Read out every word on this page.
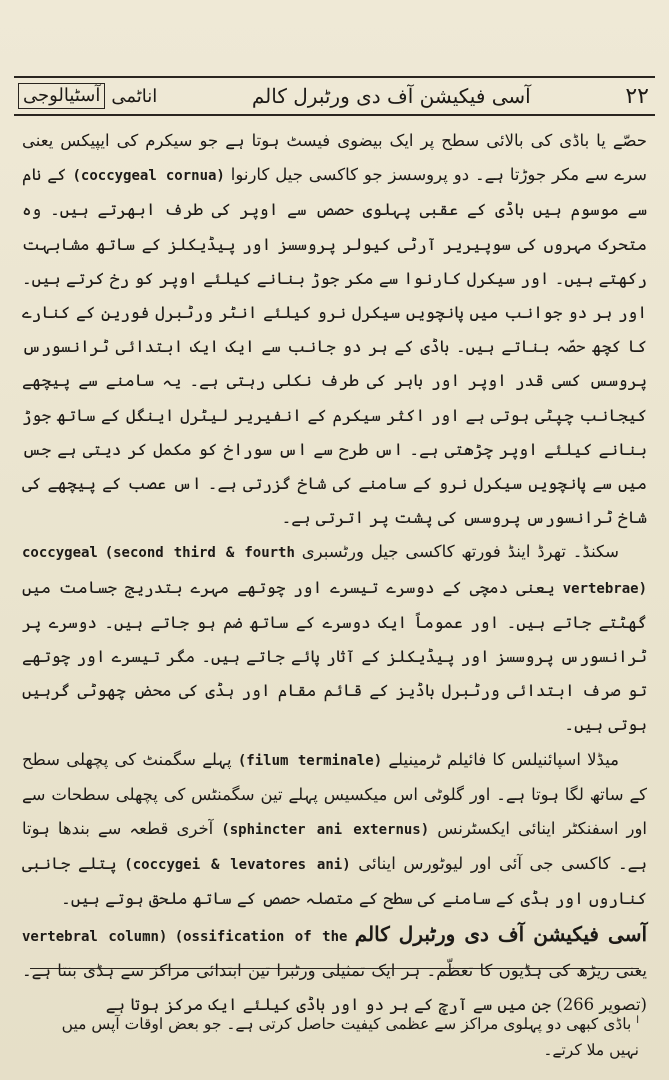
اناٹمی
آسٹیالوجی	آسی فیکیشن آف دی ورٹبرل کالم	۲۲

حصّے یا باڈی کی بالائی سطح پر ایک بیضوی فیسٹ ہوتا ہے جو سیکرم کی ایپیکس یعنی سرے سے مکر جوڑتا ہے۔ دو پروسسز جو کاکسی جیل کارنوا (coccygeal cornua) کے نام سے موسوم ہیں باڈی کے عقبی پہلوی حصص سے اوپر کی طرف ابھرتے ہیں۔ وہ متحرک مہروں کی سوپیریر آرٹی کیولر پروسسز اور پیڈیکلز کے ساتھ مشابہت رکھتے ہیں۔ اور سیکرل کارنوا سے مکر جوڑ بنانے کیلئے اوپر کو رخ کرتے ہیں۔ اور ہر دو جوانب میں پانچویں سیکرل نرو کیلئے انٹر ورٹبرل فورین کے کنارے کا کچھ حصّہ بناتے ہیں۔ باڈی کے ہر دو جانب سے ایک ایک ابتدائی ٹرانسورس پروسس کسی قدر اوپر اور باہر کی طرف نکلی رہتی ہے۔ یہ سامنے سے پیچھے کیجانب چپٹی ہوتی ہے اور اکثر سیکرم کے انفیریر لیٹرل اینگل کے ساتھ جوڑ بنانے کیلئے اوپر چڑھتی ہے۔ اس طرح سے اس سوراخ کو مکمل کر دیتی ہے جس میں سے پانچویں سیکرل نرو کے سامنے کی شاخ گزرتی ہے۔ اس عصب کے پیچھے کی شاخ ٹرانسورس پروسس کی پشت پر اترتی ہے۔

سکنڈ۔ تھرڈ اینڈ فورتھ کاکسی جیل ورٹسبری (second third & fourth coccygeal vertebrae) یعنی دمچی کے دوسرے تیسرے اور چوتھے مہرے بتدریج جسامت میں گھٹتے جاتے ہیں۔ اور عموماً ایک دوسرے کے ساتھ ضم ہو جاتے ہیں۔ دوسرے پر ٹرانسورس پروسسز اور پیڈیکلز کے آثار پائے جاتے ہیں۔ مگر تیسرے اور چوتھے تو صرف ابتدائی ورٹبرل باڈیز کے قائم مقام اور ہڈی کی محض چھوٹی گرہیں ہوتی ہیں۔

میڈلا اسپائنیلس کا فائیلم ٹرمینیلے (filum terminale) پہلے سگمنٹ کی پچھلی سطح کے ساتھ لگا ہوتا ہے۔ اور گلوٹی اس میکسیس پہلے تین سگمنٹس کی پچھلی سطحات سے اور اسفنکٹر اینائی ایکسٹرنس (sphincter ani externus) آخری قطعہ سے بندھا ہوتا ہے۔ کاکسی جی آئی اور لیوٹورس اینائی (coccygei & levatores ani) پتلے جانبی کناروں اور ہڈی کے سامنے کی سطح کے متصلہ حصص کے ساتھ ملحق ہوتے ہیں۔

آسی فیکیشن آف دی ورٹبرل کالم (ossification of the vertebral column) یعنی ریڑھ کی ہڈیوں کا تعظّم۔ ہر ایک تمثیلی ورٹبرا تین ابتدائی مراکز سے ہڈی بنتا ہے۔ (تصویر 266) جن میں سے آرچ کے ہر دو اور باڈی کیلئے ایک مرکز ہوتا ہے

$^ا$ باڈی کبھی دو پہلوی مراکز سے عظمی کیفیت حاصل کرتی ہے۔ جو بعض اوقات آپس میں نہیں ملا کرتے۔
